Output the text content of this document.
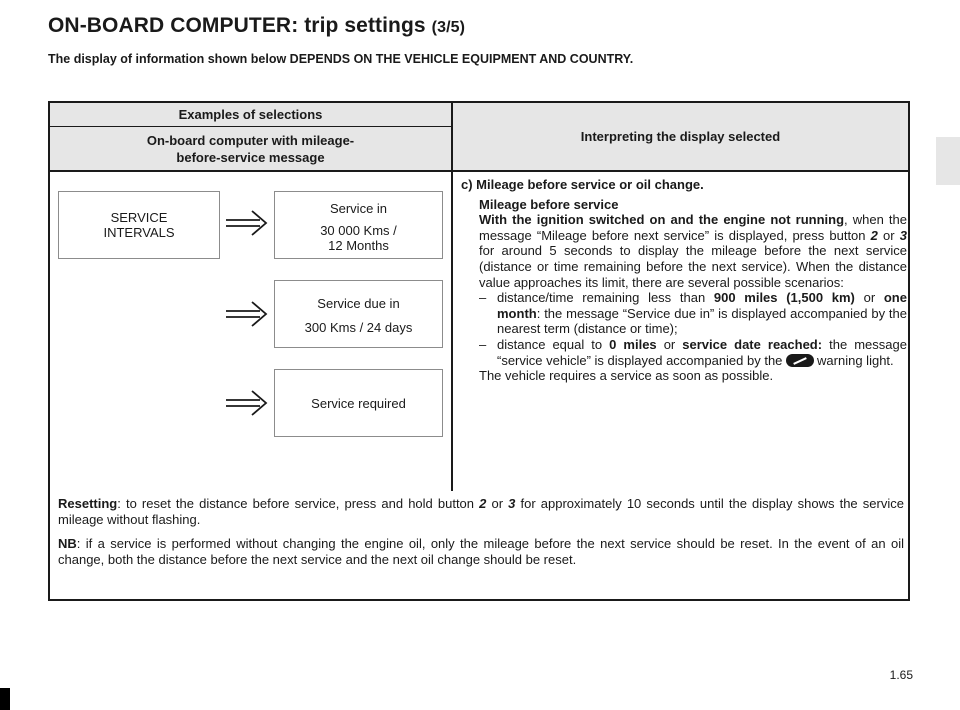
ON-BOARD COMPUTER: trip settings (3/5)
The display of information shown below DEPENDS ON THE VEHICLE EQUIPMENT AND COUNTRY.
Examples of selections
On-board computer with mileage-
before-service message
Interpreting the display selected

SERVICE

INTERVALS

Service in

30 000 Kms /

12 Months

Service due in

300 Kms / 24 days

Service required

c) Mileage before service or oil change.

Mileage before service

With the ignition switched on and the engine not running, when the message “Mileage before next service” is displayed, press button 2 or 3 for around 5 seconds to display the mileage before the next service (distance or time remaining before the next service). When the distance value approaches its limit, there are several possible scenarios:

– distance/time remaining less than 900 miles (1,500 km) or one month: the message “Service due in” is displayed accompanied by the nearest term (distance or time);
– distance equal to 0 miles or service date reached: the message “service vehicle” is displayed accompanied by the	warning light.

The vehicle requires a service as soon as possible.

Resetting: to reset the distance before service, press and hold button 2 or 3 for approximately 10 seconds until the display shows the service mileage without flashing.

NB: if a service is performed without changing the engine oil, only the mileage before the next service should be reset. In the event of an oil change, both the distance before the next service and the next oil change should be reset.

1.65
